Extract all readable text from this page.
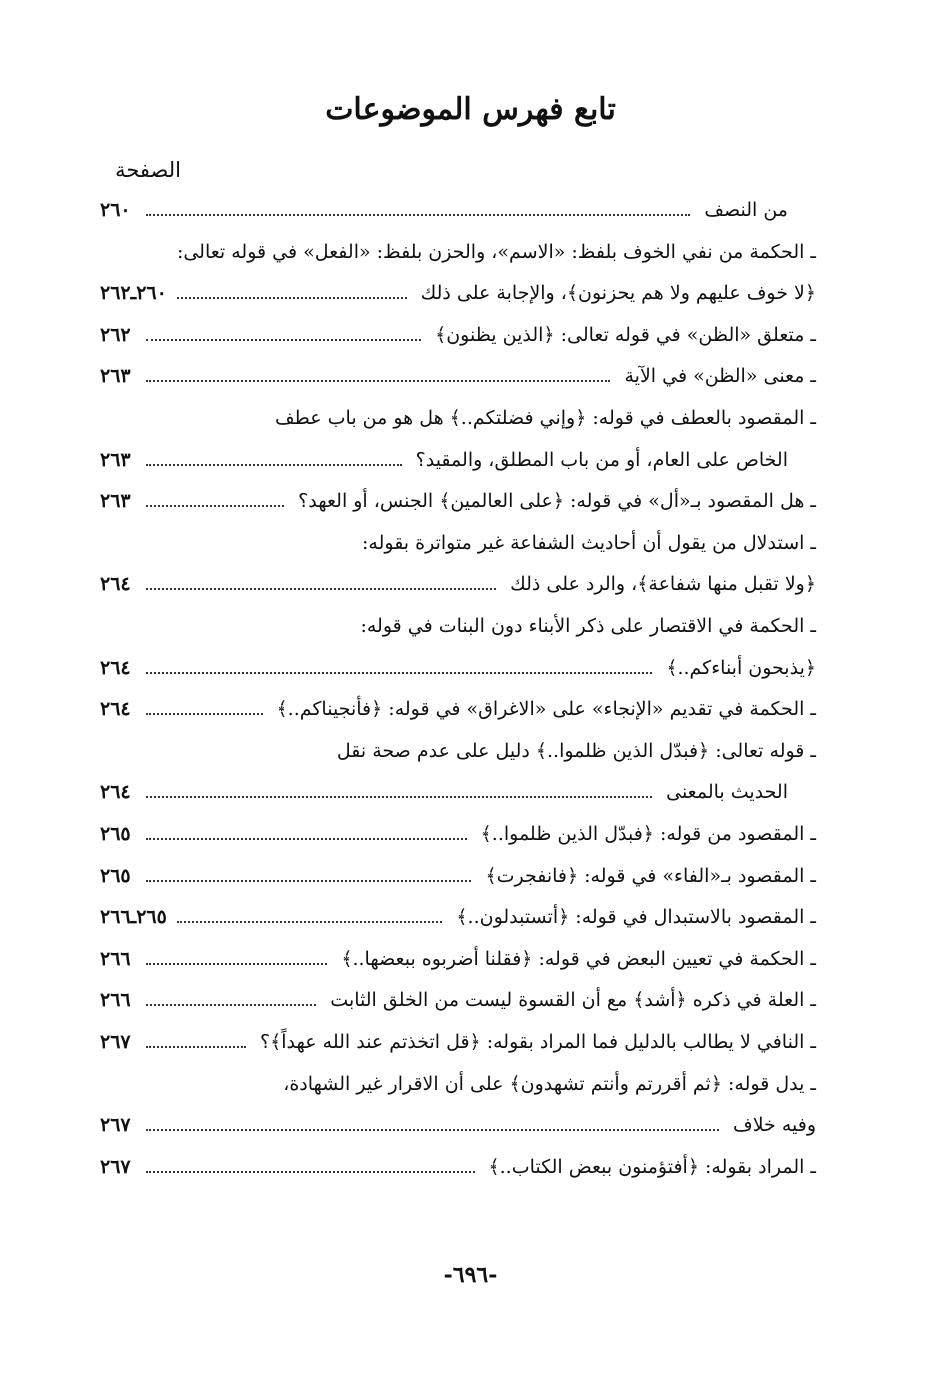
تابع فهرس الموضوعات
الصفحة
من النصف
٢٦٠
ـ الحكمة من نفي الخوف بلفظ: «الاسم»، والحزن بلفظ: «الفعل» في قوله تعالى:
﴿لا خوف عليهم ولا هم يحزنون﴾، والإجابة على ذلك
٢٦٠ـ٢٦٢
ـ متعلق «الظن» في قوله تعالى: ﴿الذين يظنون﴾
٢٦٢
ـ معنى «الظن» في الآية
٢٦٣
ـ المقصود بالعطف في قوله: ﴿وإني فضلتكم..﴾ هل هو من باب عطف
الخاص على العام، أو من باب المطلق، والمقيد؟
٢٦٣
ـ هل المقصود بـ«أل» في قوله: ﴿على العالمين﴾ الجنس، أو العهد؟
٢٦٣
ـ استدلال من يقول أن أحاديث الشفاعة غير متواترة بقوله:
﴿ولا تقبل منها شفاعة﴾، والرد على ذلك
٢٦٤
ـ الحكمة في الاقتصار على ذكر الأبناء دون البنات في قوله:
﴿يذبحون أبناءكم..﴾
٢٦٤
ـ الحكمة في تقديم «الإنجاء» على «الاغراق» في قوله: ﴿فأنجيناكم..﴾
٢٦٤
ـ قوله تعالى: ﴿فبدّل الذين ظلموا..﴾ دليل على عدم صحة نقل
الحديث بالمعنى
٢٦٤
ـ المقصود من قوله: ﴿فبدّل الذين ظلموا..﴾
٢٦٥
ـ المقصود بـ«الفاء» في قوله: ﴿فانفجرت﴾
٢٦٥
ـ المقصود بالاستبدال في قوله: ﴿أتستبدلون..﴾
٢٦٥ـ٢٦٦
ـ الحكمة في تعيين البعض في قوله: ﴿فقلنا أضربوه ببعضها..﴾
٢٦٦
ـ العلة في ذكره ﴿أشد﴾ مع أن القسوة ليست من الخلق الثابت
٢٦٦
ـ النافي لا يطالب بالدليل فما المراد بقوله: ﴿قل اتخذتم عند الله عهداً﴾؟
٢٦٧
ـ يدل قوله: ﴿ثم أقررتم وأنتم تشهدون﴾ على أن الاقرار غير الشهادة،
وفيه خلاف
٢٦٧
ـ المراد بقوله: ﴿أفتؤمنون ببعض الكتاب..﴾
٢٦٧
-٦٩٦-
